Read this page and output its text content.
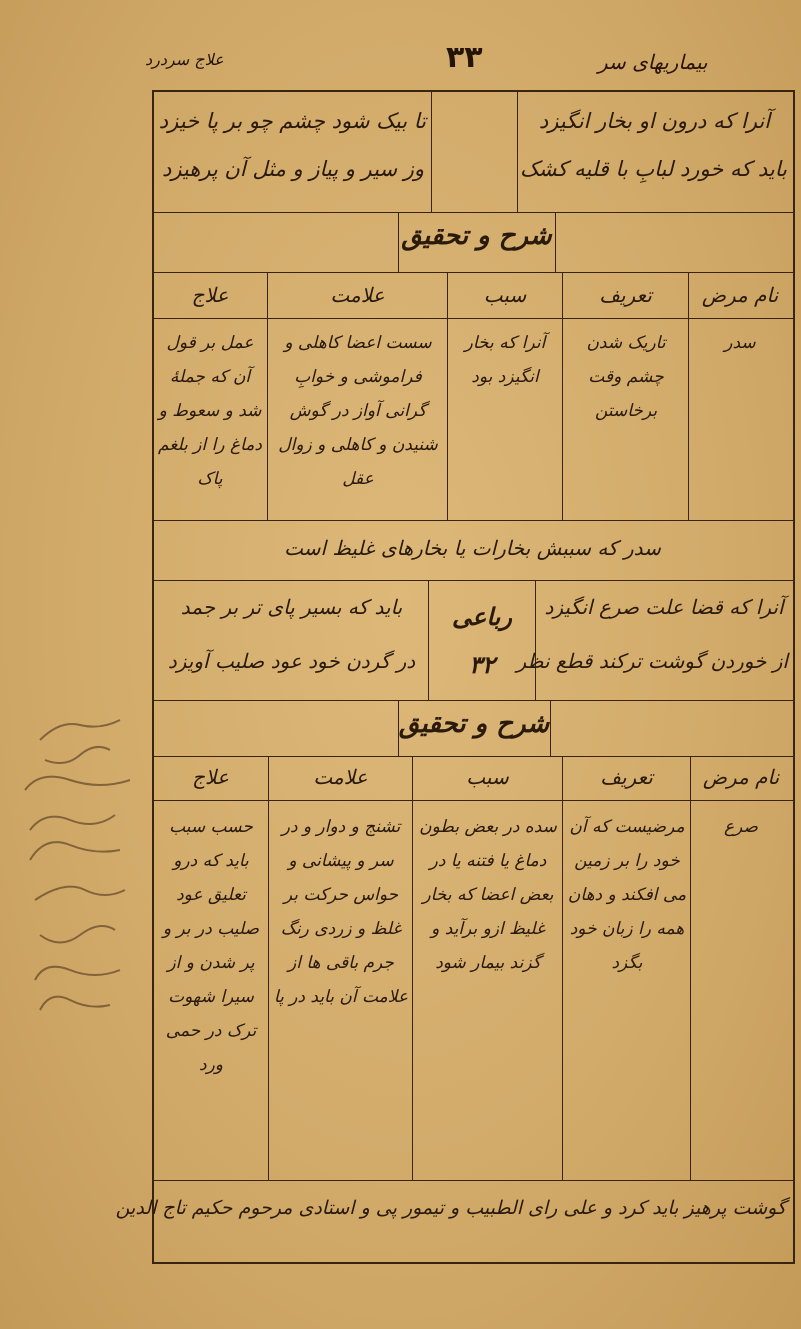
بیماریهای سر
علاج سردرد	۳۳
آنرا که درون او بخار انگیزد
باید که خورد لبابِ با قلیه کشک
تا بیک شود چشم چو بر پا خیزد
وز سیر و پیاز و مثل آن پرهیزد
شرح و تحقیق
نام مرض
تعریف
سبب
علامت
علاج
سدر
تاریک شدن چشم وقت برخاستن
آنرا که بخار انگیزد بود
سست اعضا کاهلی و فراموشی و خوابِ گرانی آواز در گوش شنیدن و کاهلی و زوال عقل
عمل بر قول آن که جملهٔ شد و سعوط و دماغ را از بلغم پاک
سدر که سببش بخارات یا بخارهای غلیظ است
آنرا که قضا علت صرع انگیزد
از خوردن گوشت ترکند قطع نظر
باید که بسیر پای تر بر جمد
در گردن خود عود صلیب آویزد
رباعی
۳۲
شرح و تحقیق
نام مرض
تعریف
سبب
علامت
علاج
صرع
مرضیست که آن خود را بر زمین می افکند و دهان همه را زبان خود بگزد
سده در بعض بطون دماغ یا فتنه یا در بعض اعضا که بخار غلیظ ازو برآید و گزند بیمار شود
تشنج و دوار و در سر و پیشانی و حواس حرکت بر غلظ و زردی رنگ جرم باقی ها از علامت آن باید در پا
حسب سبب باید که درو تعلیق عود صلیب در بر و پر شدن و از سیرا شهوت ترک در حمی ورد
گوشت پرهیز باید کرد و علی رای الطبیب و تیمور پی و استادی مرحوم حکیم تاج الدین
